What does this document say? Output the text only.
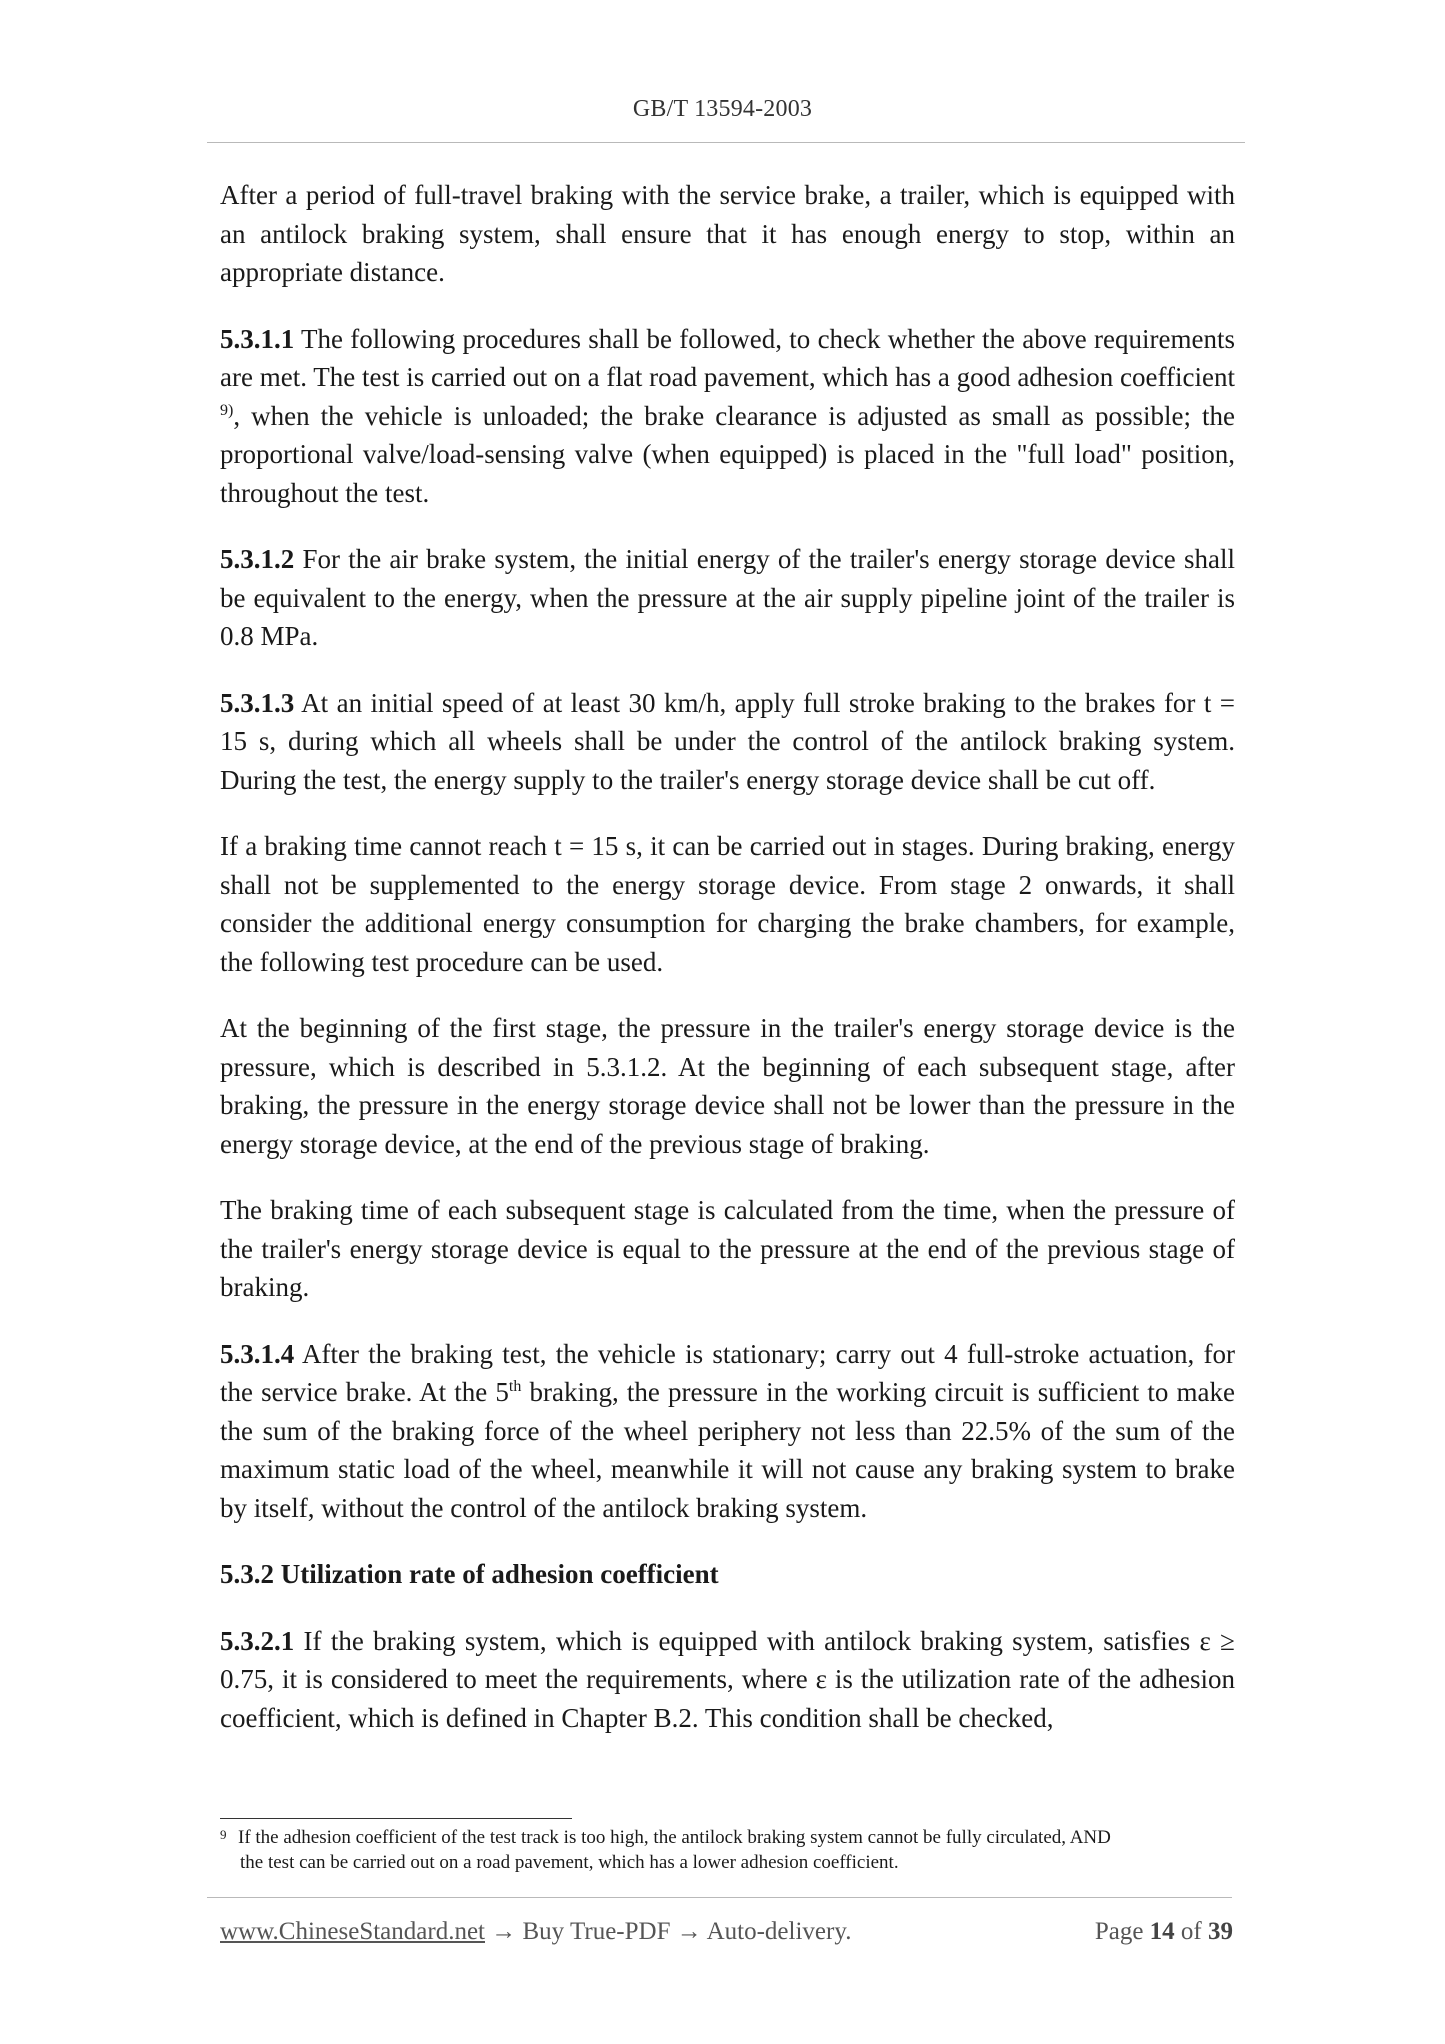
GB/T 13594-2003

After a period of full-travel braking with the service brake, a trailer, which is equipped with an antilock braking system, shall ensure that it has enough energy to stop, within an appropriate distance.

5.3.1.1 The following procedures shall be followed, to check whether the above requirements are met. The test is carried out on a flat road pavement, which has a good adhesion coefficient $^{9)}$, when the vehicle is unloaded; the brake clearance is adjusted as small as possible; the proportional valve/load-sensing valve (when equipped) is placed in the "full load" position, throughout the test.

5.3.1.2 For the air brake system, the initial energy of the trailer's energy storage device shall be equivalent to the energy, when the pressure at the air supply pipeline joint of the trailer is 0.8 MPa.

5.3.1.3 At an initial speed of at least 30 km/h, apply full stroke braking to the brakes for t = 15 s, during which all wheels shall be under the control of the antilock braking system. During the test, the energy supply to the trailer's energy storage device shall be cut off.

If a braking time cannot reach t = 15 s, it can be carried out in stages. During braking, energy shall not be supplemented to the energy storage device. From stage 2 onwards, it shall consider the additional energy consumption for charging the brake chambers, for example, the following test procedure can be used.

At the beginning of the first stage, the pressure in the trailer's energy storage device is the pressure, which is described in 5.3.1.2. At the beginning of each subsequent stage, after braking, the pressure in the energy storage device shall not be lower than the pressure in the energy storage device, at the end of the previous stage of braking.

The braking time of each subsequent stage is calculated from the time, when the pressure of the trailer's energy storage device is equal to the pressure at the end of the previous stage of braking.

5.3.1.4 After the braking test, the vehicle is stationary; carry out 4 full-stroke actuation, for the service brake. At the 5th braking, the pressure in the working circuit is sufficient to make the sum of the braking force of the wheel periphery not less than 22.5% of the sum of the maximum static load of the wheel, meanwhile it will not cause any braking system to brake by itself, without the control of the antilock braking system.

5.3.2 Utilization rate of adhesion coefficient

5.3.2.1 If the braking system, which is equipped with antilock braking system, satisfies ε ≥ 0.75, it is considered to meet the requirements, where ε is the utilization rate of the adhesion coefficient, which is defined in Chapter B.2. This condition shall be checked,

9 If the adhesion coefficient of the test track is too high, the antilock braking system cannot be fully circulated, AND
the test can be carried out on a road pavement, which has a lower adhesion coefficient.
www.ChineseStandard.net → Buy True-PDF → Auto-delivery.	Page 14 of 39
